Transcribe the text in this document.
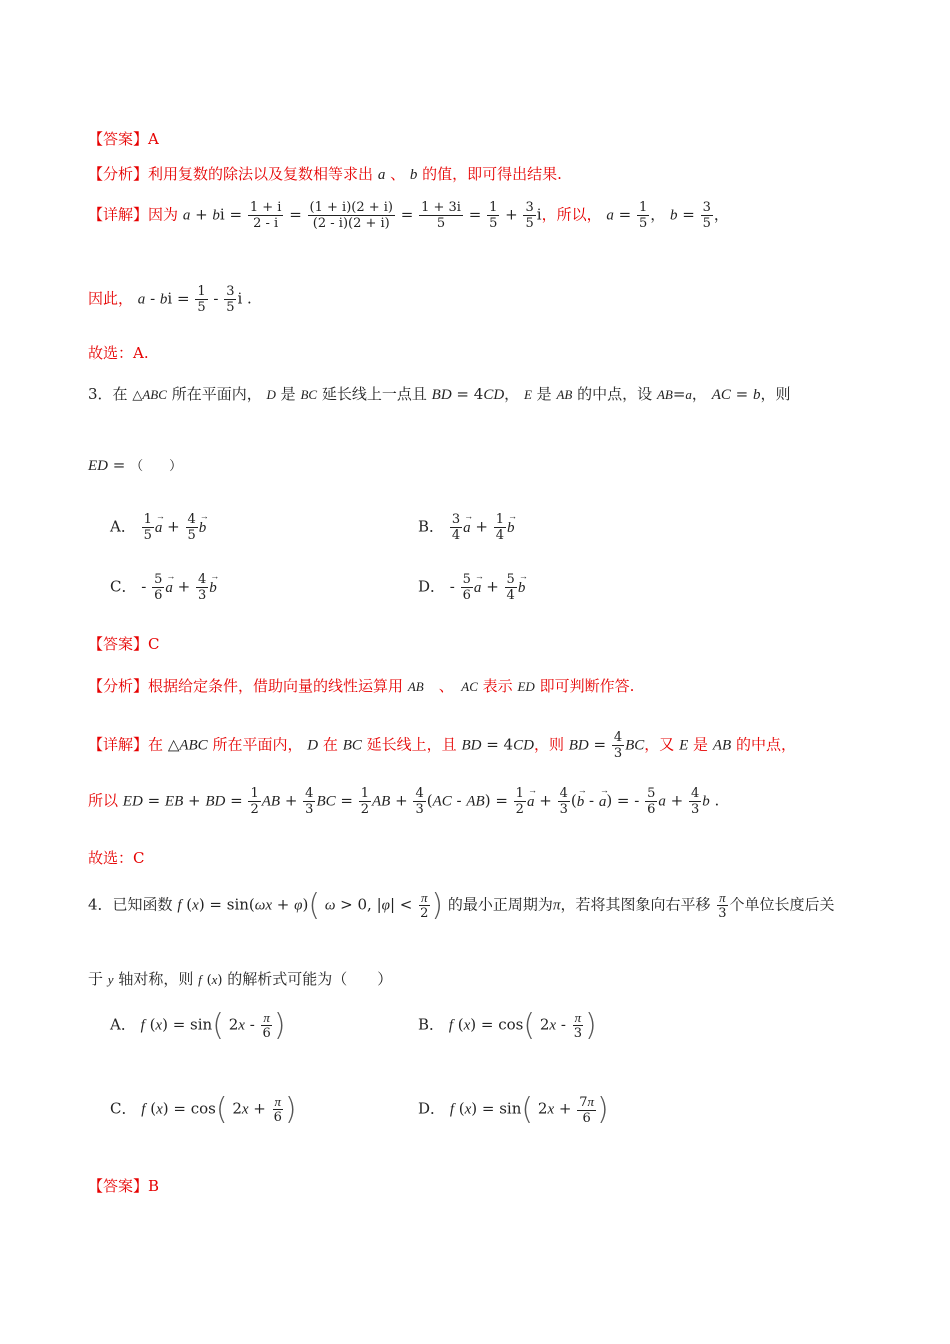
【答案】A
【分析】利用复数的除法以及复数相等求出 a 、 b 的值，即可得出结果.
【详解】因为 a + bi = $\frac{1 + i}{2 - i} = \frac{(1 + i)(2 + i)}{(2 - i)(2 + i)} = \frac{1 + 3i}{5} = \frac{1}{5} + \frac{3}{5}$ i，所以， $a = \frac{1}{5}$ ， $b = \frac{3}{5}$ ，
因此， a - bi = $\frac{1}{5} - \frac{3}{5}$ i .
故选：A.
3．在 △ABC 所在平面内， D 是 BC 延长线上一点且 BD = 4CD， E 是 AB 的中点，设 AB=a， AC = b，则
ED = （　　）
A． $\frac{1}{5}$
→ $a + \frac{4}{5}$
→ b	B． $\frac{3}{4}$
→ $a + \frac{1}{4}$
→ b
C． - $\frac{5}{6}$
→ $a + \frac{4}{3}$
→ b	D． - $\frac{5}{6}$
→ $a + \frac{5}{4}$
→ b
【答案】C
【分析】根据给定条件，借助向量的线性运算用 AB　 、　 AC 表示 ED 即可判断作答.
【详解】在 △ABC 所在平面内， D 在 BC 延长线上，且 BD = 4CD，则 BD = $\frac{4}{3}$ BC，又 E 是 AB 的中点，
所以 ED = EB + BD = $\frac{1}{2}$ AB + $\frac{4}{3}$ BC = $\frac{1}{2}$ AB + $\frac{4}{3} (AC - AB) = \frac{1}{2}$
→ $a + \frac{4}{3}$ (→ b - → a) = - $\frac{5}{6}$ $a + \frac{4}{3}$ b .
故选：C
4．已知函数 f (x) = sin(ωx + φ)( ω > 0, $|\varphi| < \frac{\pi}{2}$ ) 的最小正周期为π，若将其图象向右平移 $\frac{\pi}{3}$ 个单位长度后关
于 y 轴对称，则 f (x) 的解析式可能为（　　）
A． f (x) = sin( $2x - \frac{\pi}{6}$ )	B． f (x) = cos( $2x - \frac{\pi}{3}$ )
C． f (x) = cos( $2x + \frac{\pi}{6}$ )	D． f (x) = sin( $2x + \frac{7\pi}{6}$ )
【答案】B
